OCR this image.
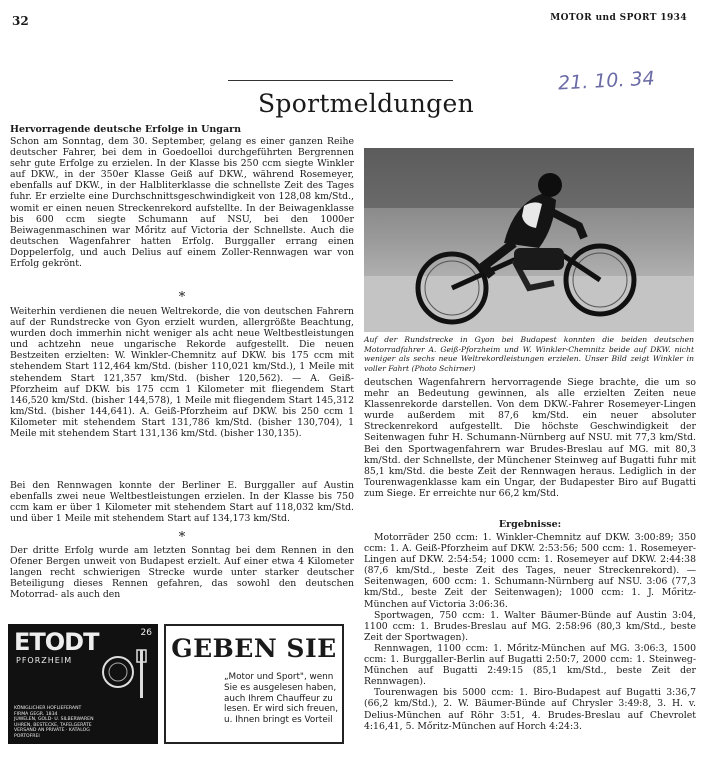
32	MOTOR und SPORT 1934
21. 10. 34
Sportmeldungen
Hervorragende deutsche Erfolge in Ungarn

Schon am Sonntag, dem 30. September, gelang es einer ganzen Reihe deutscher Fahrer, bei dem in Goedoelloi durchgeführten Bergrennen sehr gute Erfolge zu erzielen. In der Klasse bis 250 ccm siegte Winkler auf DKW., in der 350er Klasse Geiß auf DKW., während Rosemeyer, ebenfalls auf DKW., in der Halbliterklasse die schnellste Zeit des Tages fuhr. Er erzielte eine Durchschnittsgeschwindigkeit von 128,08 km/Std., womit er einen neuen Streckenrekord aufstellte. In der Beiwagenklasse bis 600 ccm siegte Schumann auf NSU, bei den 1000er Beiwagenmaschinen war Mőritz auf Victoria der Schnellste. Auch die deutschen Wagenfahrer hatten Erfolg. Burggaller errang einen Doppelerfolg, und auch Delius auf einem Zoller-Rennwagen war von Erfolg gekrönt.

*

Weiterhin verdienen die neuen Weltrekorde, die von deutschen Fahrern auf der Rundstrecke von Gyon erzielt wurden, allergrößte Beachtung, wurden doch immerhin nicht weniger als acht neue Weltbestleistungen und achtzehn neue ungarische Rekorde aufgestellt. Die neuen Bestzeiten erzielten: W. Winkler-Chemnitz auf DKW. bis 175 ccm mit stehendem Start 112,464 km/Std. (bisher 110,021 km/Std.), 1 Meile mit stehendem Start 121,357 km/Std. (bisher 120,562). — A. Geiß-Pforzheim auf DKW. bis 175 ccm 1 Kilometer mit fliegendem Start 146,520 km/Std. (bisher 144,578), 1 Meile mit fliegendem Start 145,312 km/Std. (bisher 144,641). A. Geiß-Pforzheim auf DKW. bis 250 ccm 1 Kilometer mit stehendem Start 131,786 km/Std. (bisher 130,704), 1 Meile mit stehendem Start 131,136 km/Std. (bisher 130,135).

Bei den Rennwagen konnte der Berliner E. Burggaller auf Austin ebenfalls zwei neue Weltbestleistungen erzielen. In der Klasse bis 750 ccm kam er über 1 Kilometer mit stehendem Start auf 118,032 km/Std. und über 1 Meile mit stehendem Start auf 134,173 km/Std.

*

Der dritte Erfolg wurde am letzten Sonntag bei dem Rennen in den Ofener Bergen unweit von Budapest erzielt. Auf einer etwa 4 Kilometer langen recht schwierigen Strecke wurde unter starker deutscher Beteiligung dieses Rennen gefahren, das sowohl den deutschen Motorrad- als auch den

Auf der Rundstrecke in Gyon bei Budapest konnten die beiden deutschen Motorradfahrer A. Geiß-Pforzheim und W. Winkler-Chemnitz beide auf DKW. nicht weniger als sechs neue Weltrekordleistungen erzielen. Unser Bild zeigt Winkler in voller Fahrt (Photo Schirner)

deutschen Wagenfahrern hervorragende Siege brachte, die um so mehr an Bedeutung gewinnen, als alle erzielten Zeiten neue Klassenrekorde darstellen. Von dem DKW.-Fahrer Rosemeyer-Lingen wurde außerdem mit 87,6 km/Std. ein neuer absoluter Streckenrekord aufgestellt. Die höchste Geschwindigkeit der Seitenwagen fuhr H. Schumann-Nürnberg auf NSU. mit 77,3 km/Std. Bei den Sportwagenfahrern war Brudes-Breslau auf MG. mit 80,3 km/Std. der Schnellste, der Münchener Steinweg auf Bugatti fuhr mit 85,1 km/Std. die beste Zeit der Rennwagen heraus. Lediglich in der Tourenwagenklasse kam ein Ungar, der Budapester Biro auf Bugatti zum Siege. Er erreichte nur 66,2 km/Std.

Ergebnisse:

Motorräder 250 ccm: 1. Winkler-Chemnitz auf DKW. 3:00:89; 350 ccm: 1. A. Geiß-Pforzheim auf DKW. 2:53:56; 500 ccm: 1. Rosemeyer-Lingen auf DKW. 2:54:54; 1000 ccm: 1. Rosemeyer auf DKW. 2:44:38 (87,6 km/Std., beste Zeit des Tages, neuer Streckenrekord). — Seitenwagen, 600 ccm: 1. Schumann-Nürnberg auf NSU. 3:06 (77,3 km/Std., beste Zeit der Seitenwagen); 1000 ccm: 1. J. Mőritz-München auf Victoria 3:06:36.

Sportwagen, 750 ccm: 1. Walter Bäumer-Bünde auf Austin 3:04, 1100 ccm: 1. Brudes-Breslau auf MG. 2:58:96 (80,3 km/Std., beste Zeit der Sportwagen).

Rennwagen, 1100 ccm: 1. Mőritz-München auf MG. 3:06:3, 1500 ccm: 1. Burggaller-Berlin auf Bugatti 2:50:7, 2000 ccm: 1. Steinweg-München auf Bugatti 2:49:15 (85,1 km/Std., beste Zeit der Rennwagen).

Tourenwagen bis 5000 ccm: 1. Biro-Budapest auf Bugatti 3:36,7 (66,2 km/Std.), 2. W. Bäumer-Bünde auf Chrysler 3:49:8, 3. H. v. Delius-München auf Röhr 3:51, 4. Brudes-Breslau auf Chevrolet 4:16,41, 5. Mőritz-München auf Horch 4:24:3.

ETODT
PFORZHEIM
26
KÖNIGLICHER HOFLIEFERANT
FIRMA GEGR. 1834
JUWELEN, GOLD- U. SILBERWAREN
UHREN, BESTECKE, TAFELGERÄTE
VERSAND AN PRIVATE · KATALOG
PORTOFREI
GEBEN SIE
„Motor und Sport", wenn Sie es ausgelesen haben, auch Ihrem Chauffeur zu lesen. Er wird sich freuen, u. Ihnen bringt es Vorteil
